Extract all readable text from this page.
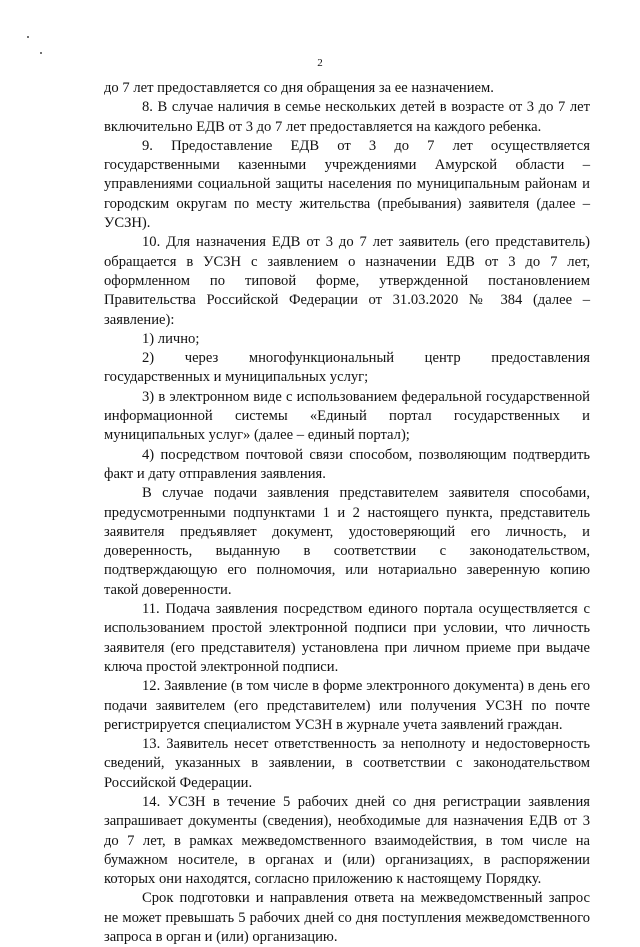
2

до 7 лет предоставляется со дня обращения за ее назначением.

8. В случае наличия в семье нескольких детей в возрасте от 3 до 7 лет включительно ЕДВ от 3 до 7 лет предоставляется на каждого ребенка.

9. Предоставление ЕДВ от 3 до 7 лет осуществляется государственными казенными учреждениями Амурской области – управлениями социальной защиты населения по муниципальным районам и городским округам по месту жительства (пребывания) заявителя (далее – УСЗН).

10. Для назначения ЕДВ от 3 до 7 лет заявитель (его представитель) обращается в УСЗН с заявлением о назначении ЕДВ от 3 до 7 лет, оформленном по типовой форме, утвержденной постановлением Правительства Российской Федерации от 31.03.2020 № 384 (далее – заявление):

1) лично;

2) через многофункциональный центр предоставления государственных и муниципальных услуг;

3) в электронном виде с использованием федеральной государственной информационной системы «Единый портал государственных и муниципальных услуг» (далее – единый портал);

4) посредством почтовой связи способом, позволяющим подтвердить факт и дату отправления заявления.

В случае подачи заявления представителем заявителя способами, предусмотренными подпунктами 1 и 2 настоящего пункта, представитель заявителя предъявляет документ, удостоверяющий его личность, и доверенность, выданную в соответствии с законодательством, подтверждающую его полномочия, или нотариально заверенную копию такой доверенности.

11. Подача заявления посредством единого портала осуществляется с использованием простой электронной подписи при условии, что личность заявителя (его представителя) установлена при личном приеме при выдаче ключа простой электронной подписи.

12. Заявление (в том числе в форме электронного документа) в день его подачи заявителем (его представителем) или получения УСЗН по почте регистрируется специалистом УСЗН в журнале учета заявлений граждан.

13. Заявитель несет ответственность за неполноту и недостоверность сведений, указанных в заявлении, в соответствии с законодательством Российской Федерации.

14. УСЗН в течение 5 рабочих дней со дня регистрации заявления запрашивает документы (сведения), необходимые для назначения ЕДВ от 3 до 7 лет, в рамках межведомственного взаимодействия, в том числе на бумажном носителе, в органах и (или) организациях, в распоряжении которых они находятся, согласно приложению к настоящему Порядку.

Срок подготовки и направления ответа на межведомственный запрос не может превышать 5 рабочих дней со дня поступления межведомственного запроса в орган и (или) организацию.
